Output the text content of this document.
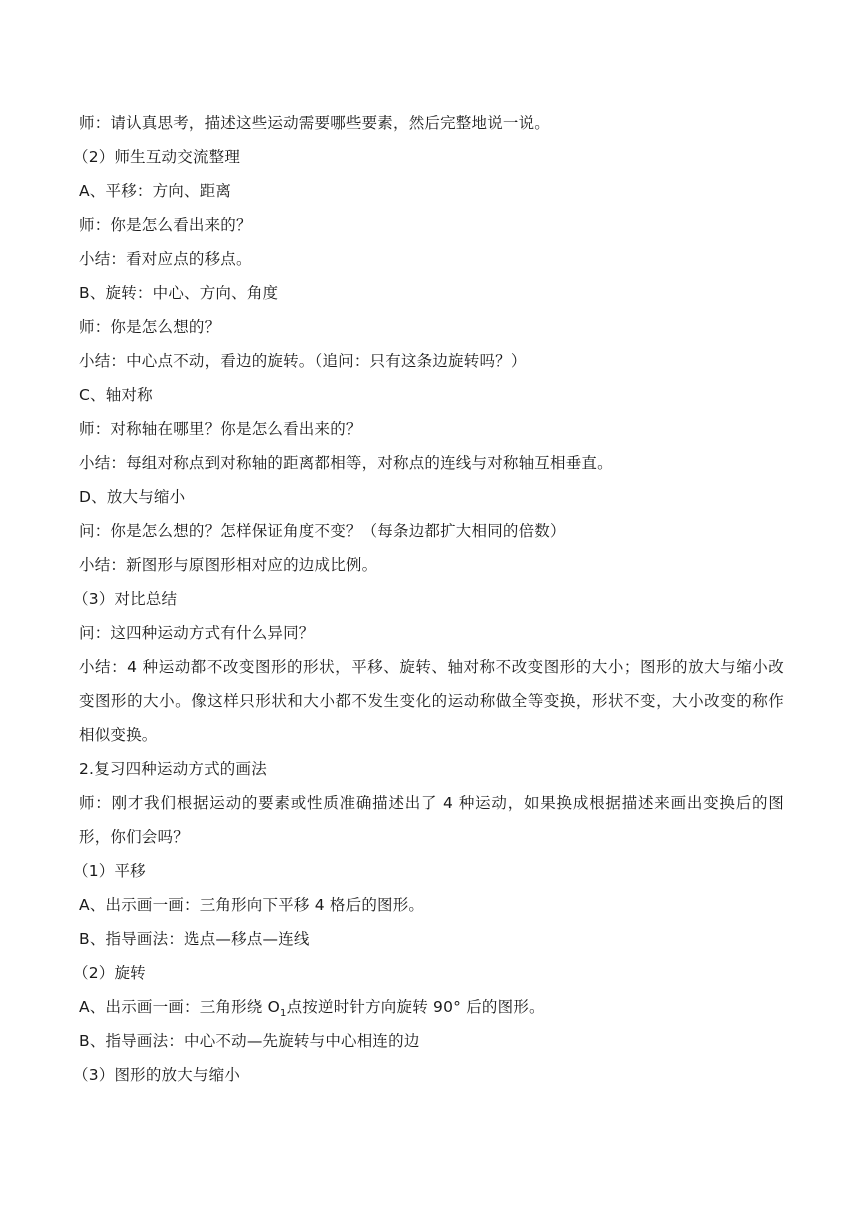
师：请认真思考，描述这些运动需要哪些要素，然后完整地说一说。
（2）师生互动交流整理
A、平移：方向、距离
师：你是怎么看出来的？
小结：看对应点的移点。
B、旋转：中心、方向、角度
师：你是怎么想的？
小结：中心点不动，看边的旋转。（追问：只有这条边旋转吗？）
C、轴对称
师：对称轴在哪里？你是怎么看出来的？
小结：每组对称点到对称轴的距离都相等，对称点的连线与对称轴互相垂直。
D、放大与缩小
问：你是怎么想的？怎样保证角度不变？（每条边都扩大相同的倍数）
小结：新图形与原图形相对应的边成比例。
（3）对比总结
问：这四种运动方式有什么异同？
小结：4 种运动都不改变图形的形状，平移、旋转、轴对称不改变图形的大小；图形的放大与缩小改变图形的大小。像这样只形状和大小都不发生变化的运动称做全等变换，形状不变，大小改变的称作相似变换。
2.复习四种运动方式的画法
师：刚才我们根据运动的要素或性质准确描述出了 4 种运动，如果换成根据描述来画出变换后的图形，你们会吗？
（1）平移
A、出示画一画：三角形向下平移 4 格后的图形。
B、指导画法：选点—移点—连线
（2）旋转
A、出示画一画：三角形绕 $O_1$点按逆时针方向旋转 90° 后的图形。
B、指导画法：中心不动—先旋转与中心相连的边
（3）图形的放大与缩小
